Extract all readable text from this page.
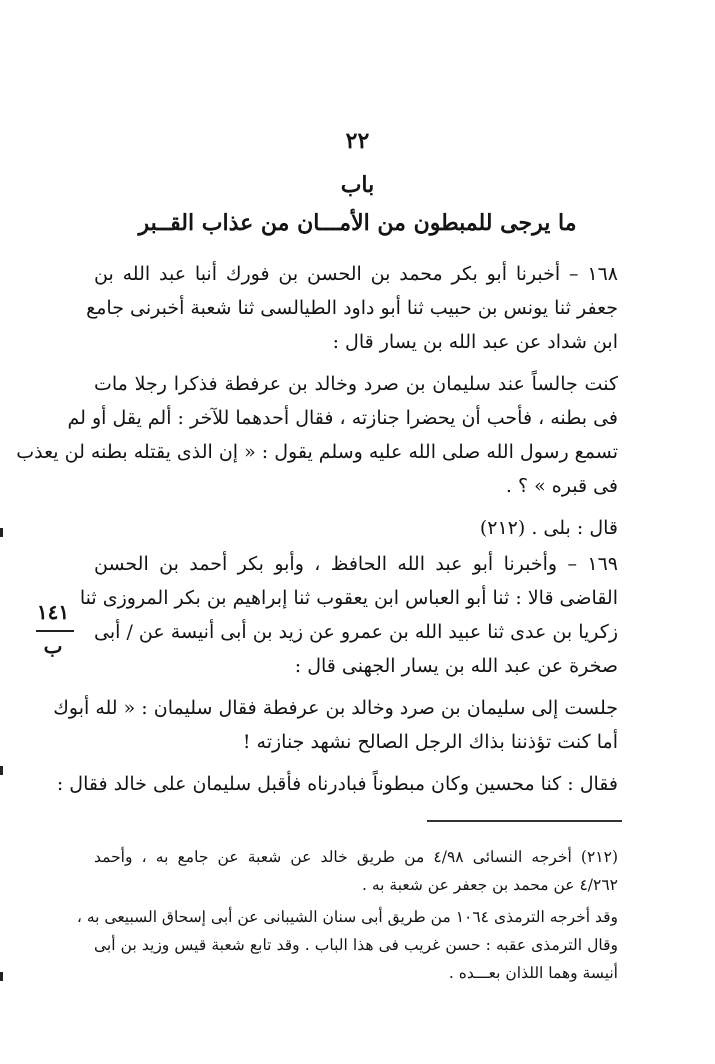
٢٢
باب
ما يرجى للمبطون من الأمـــان من عذاب القــبر
١٦٨ – أخبرنا أبو بكر محمد بن الحسن بن فورك أنبا عبد الله بن
جعفر ثنا يونس بن حبيب ثنا أبو داود الطيالسى ثنا شعبة أخبرنى جامع
ابن شداد عن عبد الله بن يسار قال :
كنت جالساً عند سليمان بن صرد وخالد بن عرفطة فذكرا رجلا مات
فى بطنه ، فأحب أن يحضرا جنازته ، فقال أحدهما للآخر : ألم يقل أو لم
تسمع رسول الله صلى الله عليه وسلم يقول : « إن الذى يقتله بطنه لن يعذب
فى قبره » ؟ .
قال : بلى . (٢١٢)
١٦٩ – وأخبرنا أبو عبد الله الحافظ ، وأبو بكر أحمد بن الحسن
القاضى قالا : ثنا أبو العباس ابن يعقوب ثنا إبراهيم بن بكر المروزى ثنا
زكريا بن عدى ثنا عبيد الله بن عمرو عن زيد بن أبى أنيسة عن / أبى
صخرة عن عبد الله بن يسار الجهنى قال :
جلست إلى سليمان بن صرد وخالد بن عرفطة فقال سليمان : « لله أبوك
أما كنت تؤذننا بذاك الرجل الصالح نشهد جنازته !
فقال : كنا محسين وكان مبطوناً فبادرناه فأقبل سليمان على خالد فقال :
١٤١
ب
(٢١٢) أخرجه النسائى ٤/٩٨ من طريق خالد عن شعبة عن جامع به ، وأحمد
٤/٢٦٢ عن محمد بن جعفر عن شعبة به .
وقد أخرجه الترمذى ١٠٦٤ من طريق أبى سنان الشيبانى عن أبى إسحاق السبيعى به ،
وقال الترمذى عقبه : حسن غريب فى هذا الباب . وقد تابع شعبة قيس وزيد بن أبى
أنيسة وهما اللذان بعـــده .
